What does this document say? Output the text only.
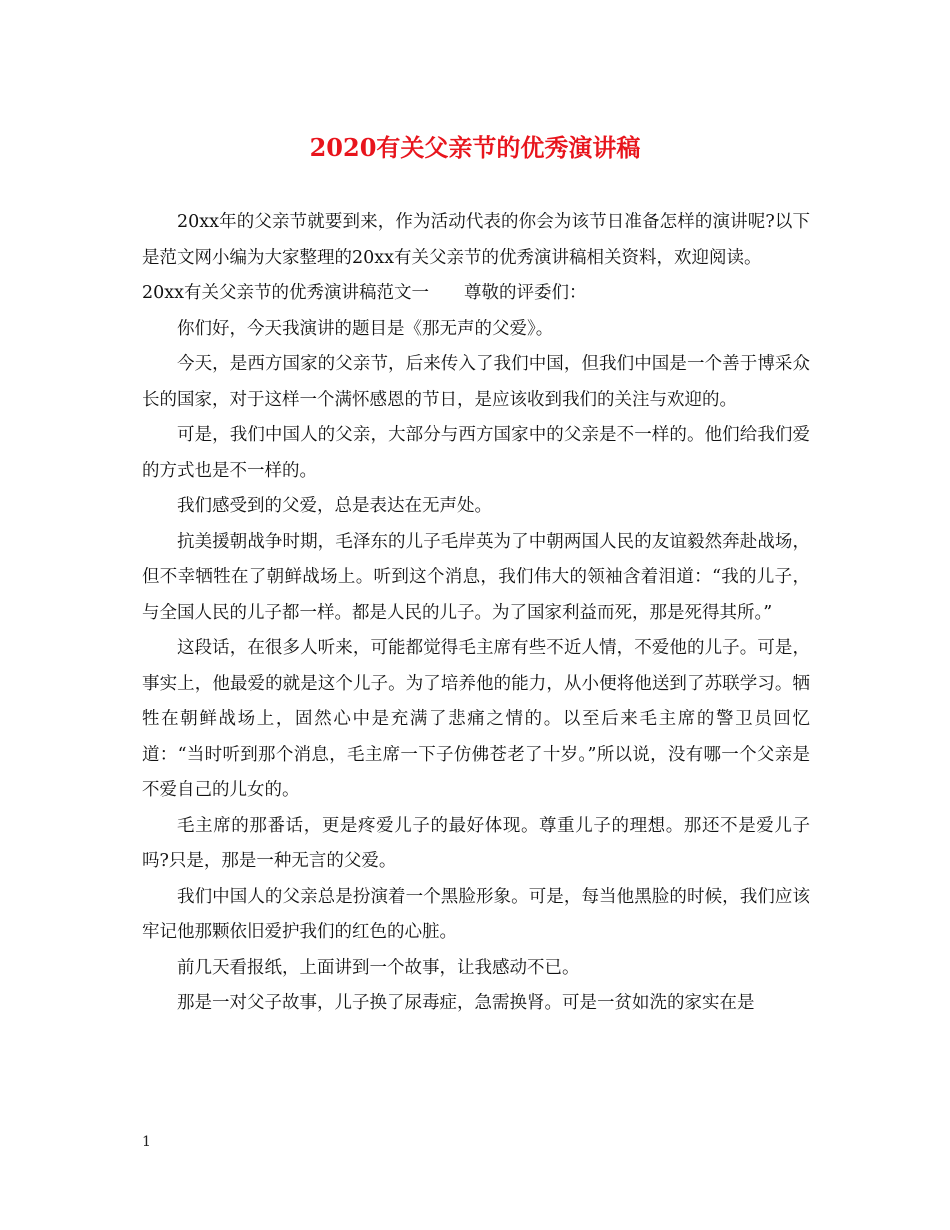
2020有关父亲节的优秀演讲稿

20xx年的父亲节就要到来，作为活动代表的你会为该节日准备怎样的演讲呢?以下是范文网小编为大家整理的20xx有关父亲节的优秀演讲稿相关资料，欢迎阅读。

20xx有关父亲节的优秀演讲稿范文一　　尊敬的评委们：

你们好，今天我演讲的题目是《那无声的父爱》。

今天，是西方国家的父亲节，后来传入了我们中国，但我们中国是一个善于博采众长的国家，对于这样一个满怀感恩的节日，是应该收到我们的关注与欢迎的。

可是，我们中国人的父亲，大部分与西方国家中的父亲是不一样的。他们给我们爱的方式也是不一样的。

我们感受到的父爱，总是表达在无声处。

抗美援朝战争时期，毛泽东的儿子毛岸英为了中朝两国人民的友谊毅然奔赴战场，但不幸牺牲在了朝鲜战场上。听到这个消息，我们伟大的领袖含着泪道：“我的儿子，与全国人民的儿子都一样。都是人民的儿子。为了国家利益而死，那是死得其所。”

这段话，在很多人听来，可能都觉得毛主席有些不近人情，不爱他的儿子。可是，事实上，他最爱的就是这个儿子。为了培养他的能力，从小便将他送到了苏联学习。牺牲在朝鲜战场上，固然心中是充满了悲痛之情的。以至后来毛主席的警卫员回忆道：“当时听到那个消息，毛主席一下子仿佛苍老了十岁。”所以说，没有哪一个父亲是不爱自己的儿女的。

毛主席的那番话，更是疼爱儿子的最好体现。尊重儿子的理想。那还不是爱儿子吗?只是，那是一种无言的父爱。

我们中国人的父亲总是扮演着一个黑脸形象。可是，每当他黑脸的时候，我们应该牢记他那颗依旧爱护我们的红色的心脏。

前几天看报纸，上面讲到一个故事，让我感动不已。

那是一对父子故事，儿子换了尿毒症，急需换肾。可是一贫如洗的家实在是

1
